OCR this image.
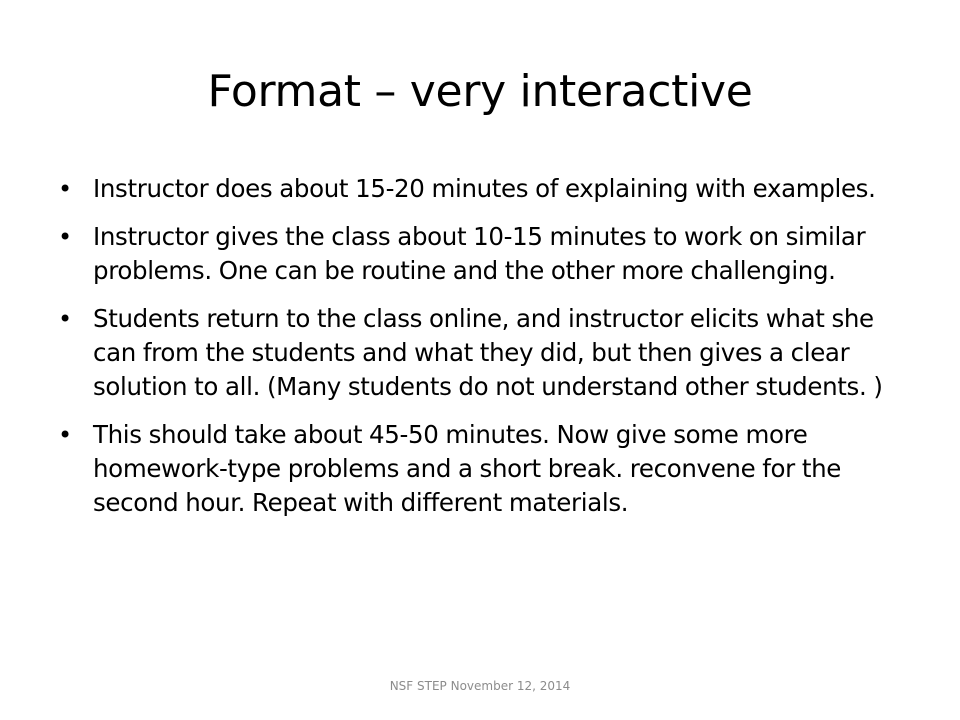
Format – very interactive
• Instructor does about 15-20 minutes of explaining with examples.
• Instructor gives the class about 10-15 minutes to work on similar problems. One can be routine and the other more challenging.
• Students return to the class online, and instructor elicits what she can from the students and what they did, but then gives a clear solution to all. (Many students do not understand other students. )
• This should take about 45-50 minutes. Now give some more homework-type problems and a short break. reconvene for the second hour. Repeat with different materials.
NSF STEP November 12, 2014
